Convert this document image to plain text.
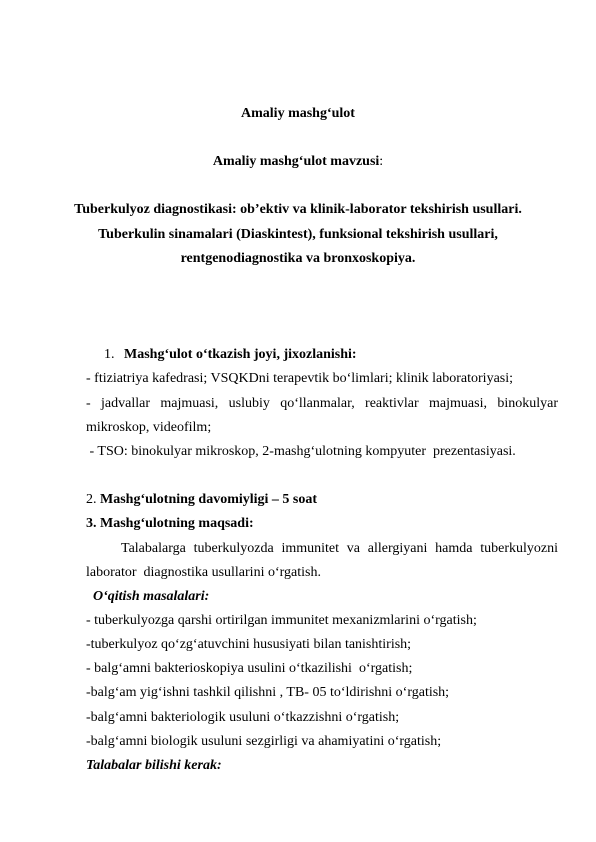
Amaliy mashg‘ulot
Amaliy mashg‘ulot mavzusi:
Tuberkulyoz diagnostikasi: ob’ektiv va klinik-laborator tekshirish usullari.
Tuberkulin sinamalari (Diaskintest), funksional tekshirish usullari,
rentgenodiagnostika va bronxoskopiya.
1. Mashg‘ulot o‘tkazish joyi, jixozlanishi:
- ftiziatriya kafedrasi; VSQKDni terapevtik bo‘limlari; klinik laboratoriyasi;
- jadvallar majmuasi, uslubiy qo‘llanmalar, reaktivlar majmuasi, binokulyar
mikroskop, videofilm;
- TSO: binokulyar mikroskop, 2-mashg‘ulotning kompyuter  prezentasiyasi.
2. Mashg‘ulotning davomiyligi – 5 soat
3. Mashg‘ulotning maqsadi:
Talabalarga tuberkulyozda immunitet va allergiyani hamda tuberkulyozni
laborator  diagnostika usullarini o‘rgatish.
O‘qitish masalalari:
- tuberkulyozga qarshi ortirilgan immunitet mexanizmlarini o‘rgatish;
-tuberkulyoz qo‘zg‘atuvchini hususiyati bilan tanishtirish;
- balg‘amni bakterioskopiya usulini o‘tkazilishi  o‘rgatish;
-balg‘am yig‘ishni tashkil qilishni , TB- 05 to‘ldirishni o‘rgatish;
-balg‘amni bakteriologik usuluni o‘tkazzishni o‘rgatish;
-balg‘amni biologik usuluni sezgirligi va ahamiyatini o‘rgatish;
Talabalar bilishi kerak:
